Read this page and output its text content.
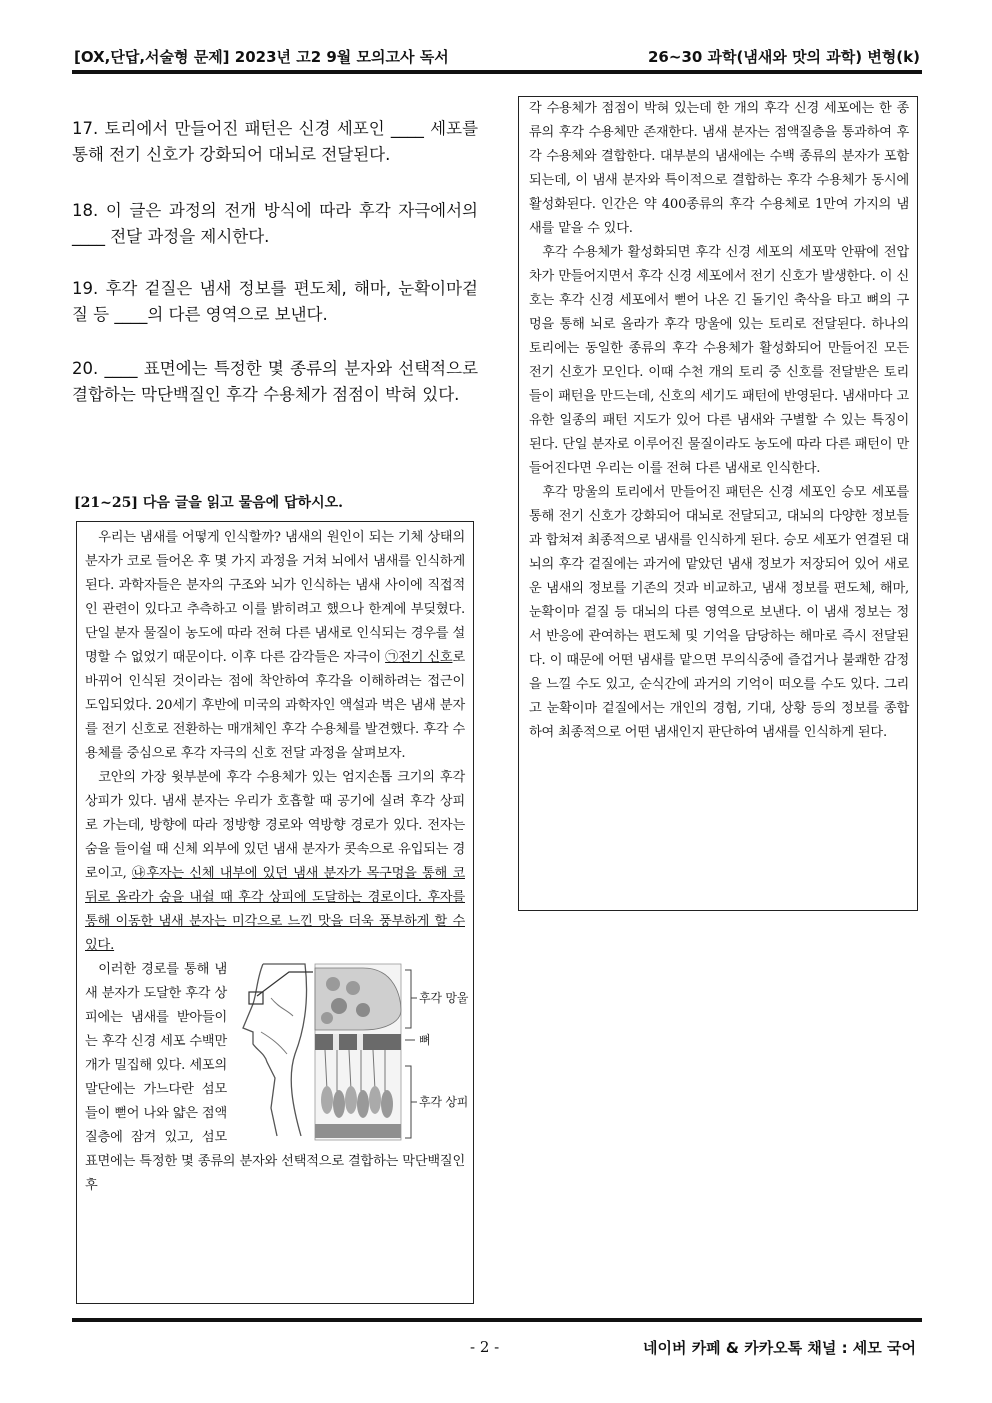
[OX,단답,서술형 문제] 2023년 고2 9월 모의고사 독서	26~30 과학(냄새와 맛의 과학) 변형(k)
17. 토리에서 만들어진 패턴은 신경 세포인 ____ 세포를 통해 전기 신호가 강화되어 대뇌로 전달된다.
18. 이 글은 과정의 전개 방식에 따라 후각 자극에서의 ____ 전달 과정을 제시한다.
19. 후각 겉질은 냄새 정보를 편도체, 해마, 눈확이마겉질 등 ____의 다른 영역으로 보낸다.
20. ____ 표면에는 특정한 몇 종류의 분자와 선택적으로 결합하는 막단백질인 후각 수용체가 점점이 박혀 있다.
[21~25] 다음 글을 읽고 물음에 답하시오.

우리는 냄새를 어떻게 인식할까? 냄새의 원인이 되는 기체 상태의 분자가 코로 들어온 후 몇 가지 과정을 거쳐 뇌에서 냄새를 인식하게 된다. 과학자들은 분자의 구조와 뇌가 인식하는 냄새 사이에 직접적인 관련이 있다고 추측하고 이를 밝히려고 했으나 한계에 부딪혔다. 단일 분자 물질이 농도에 따라 전혀 다른 냄새로 인식되는 경우를 설명할 수 없었기 때문이다. 이후 다른 감각들은 자극이 ㉠전기 신호로 바뀌어 인식된 것이라는 점에 착안하여 후각을 이해하려는 접근이 도입되었다. 20세기 후반에 미국의 과학자인 액설과 벅은 냄새 분자를 전기 신호로 전환하는 매개체인 후각 수용체를 발견했다. 후각 수용체를 중심으로 후각 자극의 신호 전달 과정을 살펴보자.

코안의 가장 윗부분에 후각 수용체가 있는 엄지손톱 크기의 후각 상피가 있다. 냄새 분자는 우리가 호흡할 때 공기에 실려 후각 상피로 가는데, 방향에 따라 정방향 경로와 역방향 경로가 있다. 전자는 숨을 들이쉴 때 신체 외부에 있던 냄새 분자가 콧속으로 유입되는 경로이고, ㉯후자는 신체 내부에 있던 냄새 분자가 목구멍을 통해 코 뒤로 올라가 숨을 내쉴 때 후각 상피에 도달하는 경로이다. 후자를 통해 이동한 냄새 분자는 미각으로 느낀 맛을 더욱 풍부하게 할 수 있다.

후각 망울
뼈
후각 상피
이러한 경로를 통해 냄새 분자가 도달한 후각 상피에는 냄새를 받아들이는 후각 신경 세포 수백만 개가 밀집해 있다. 세포의 말단에는 가느다란 섬모들이 뻗어 나와 얇은 점액질층에 잠겨 있고, 섬모 표면에는 특정한 몇 종류의 분자와 선택적으로 결합하는 막단백질인 후

각 수용체가 점점이 박혀 있는데 한 개의 후각 신경 세포에는 한 종류의 후각 수용체만 존재한다. 냄새 분자는 점액질층을 통과하여 후각 수용체와 결합한다. 대부분의 냄새에는 수백 종류의 분자가 포함되는데, 이 냄새 분자와 특이적으로 결합하는 후각 수용체가 동시에 활성화된다. 인간은 약 400종류의 후각 수용체로 1만여 가지의 냄새를 맡을 수 있다.

후각 수용체가 활성화되면 후각 신경 세포의 세포막 안팎에 전압 차가 만들어지면서 후각 신경 세포에서 전기 신호가 발생한다. 이 신호는 후각 신경 세포에서 뻗어 나온 긴 돌기인 축삭을 타고 뼈의 구멍을 통해 뇌로 올라가 후각 망울에 있는 토리로 전달된다. 하나의 토리에는 동일한 종류의 후각 수용체가 활성화되어 만들어진 모든 전기 신호가 모인다. 이때 수천 개의 토리 중 신호를 전달받은 토리들이 패턴을 만드는데, 신호의 세기도 패턴에 반영된다. 냄새마다 고유한 일종의 패턴 지도가 있어 다른 냄새와 구별할 수 있는 특징이 된다. 단일 분자로 이루어진 물질이라도 농도에 따라 다른 패턴이 만들어진다면 우리는 이를 전혀 다른 냄새로 인식한다.

후각 망울의 토리에서 만들어진 패턴은 신경 세포인 승모 세포를 통해 전기 신호가 강화되어 대뇌로 전달되고, 대뇌의 다양한 정보들과 합쳐져 최종적으로 냄새를 인식하게 된다. 승모 세포가 연결된 대뇌의 후각 겉질에는 과거에 맡았던 냄새 정보가 저장되어 있어 새로운 냄새의 정보를 기존의 것과 비교하고, 냄새 정보를 편도체, 해마, 눈확이마 겉질 등 대뇌의 다른 영역으로 보낸다. 이 냄새 정보는 정서 반응에 관여하는 편도체 및 기억을 담당하는 해마로 즉시 전달된다. 이 때문에 어떤 냄새를 맡으면 무의식중에 즐겁거나 불쾌한 감정을 느낄 수도 있고, 순식간에 과거의 기억이 떠오를 수도 있다. 그리고 눈확이마 겉질에서는 개인의 경험, 기대, 상황 등의 정보를 종합하여 최종적으로 어떤 냄새인지 판단하여 냄새를 인식하게 된다.

- 2 -	네이버 카페 & 카카오톡 채널 : 세모 국어
